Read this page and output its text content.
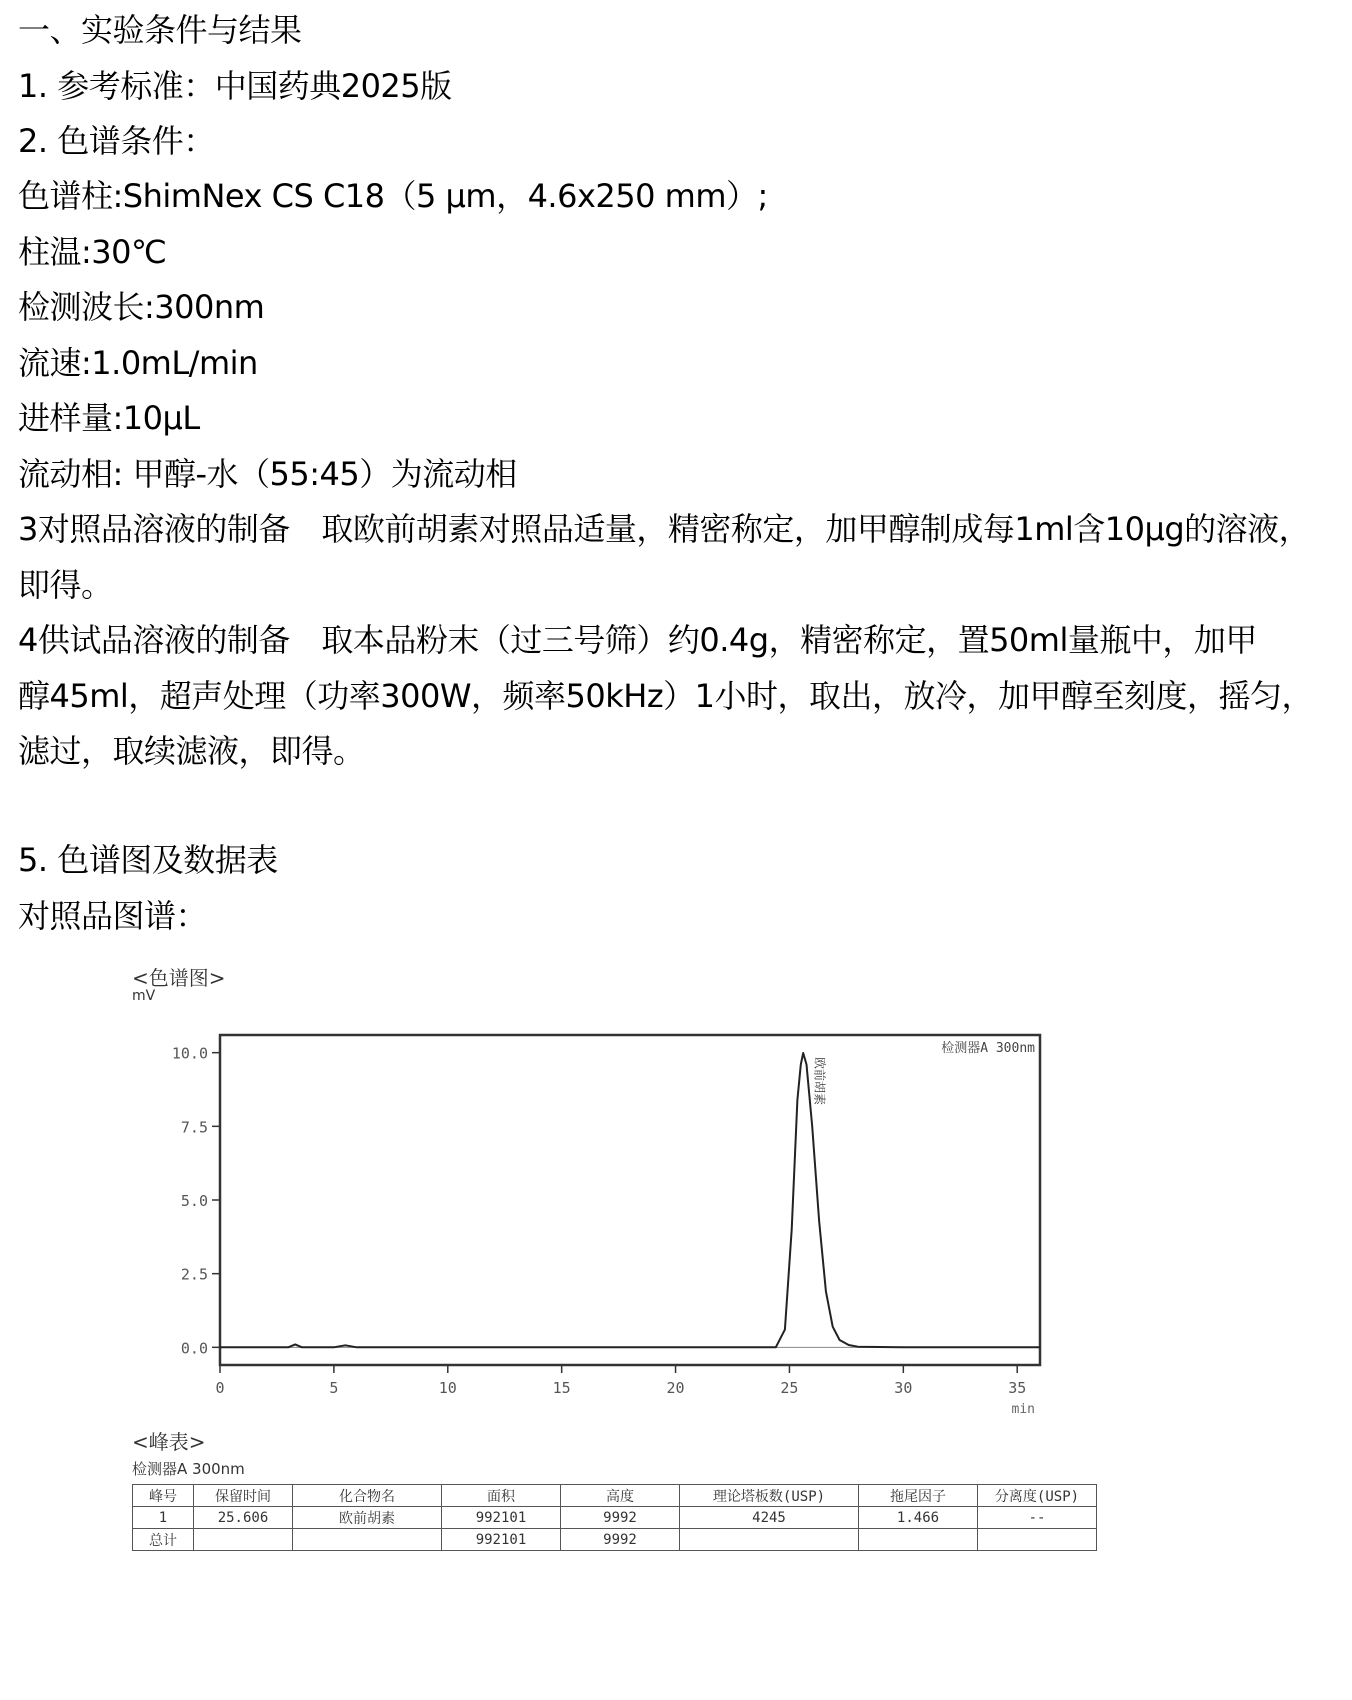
一、实验条件与结果
1. 参考标准：中国药典2025版
2. 色谱条件：
色谱柱:ShimNex CS C18（5 μm，4.6x250 mm）;
柱温:30℃
检测波长:300nm
流速:1.0mL/min
进样量:10μL
流动相: 甲醇-水（55:45）为流动相
3对照品溶液的制备　取欧前胡素对照品适量，精密称定，加甲醇制成每1ml含10μg的溶液，
即得。
4供试品溶液的制备　取本品粉末（过三号筛）约0.4g，精密称定，置50ml量瓶中，加甲
醇45ml，超声处理（功率300W，频率50kHz）1小时，取出，放冷，加甲醇至刻度，摇匀，
滤过，取续滤液，即得。
5. 色谱图及数据表
对照品图谱：
<色谱图>
mV
0.0
2.5
5.0
7.5
10.0
0	5	10	15	20	25	30	35
min
检测器A 300nm
欧前胡素
<峰表>
检测器A 300nm
峰号	保留时间	化合物名	面积	高度	理论塔板数(USP)	拖尾因子	分离度(USP)
1	25.606	欧前胡素	992101	9992	4245	1.466	--
总计			992101	9992			
